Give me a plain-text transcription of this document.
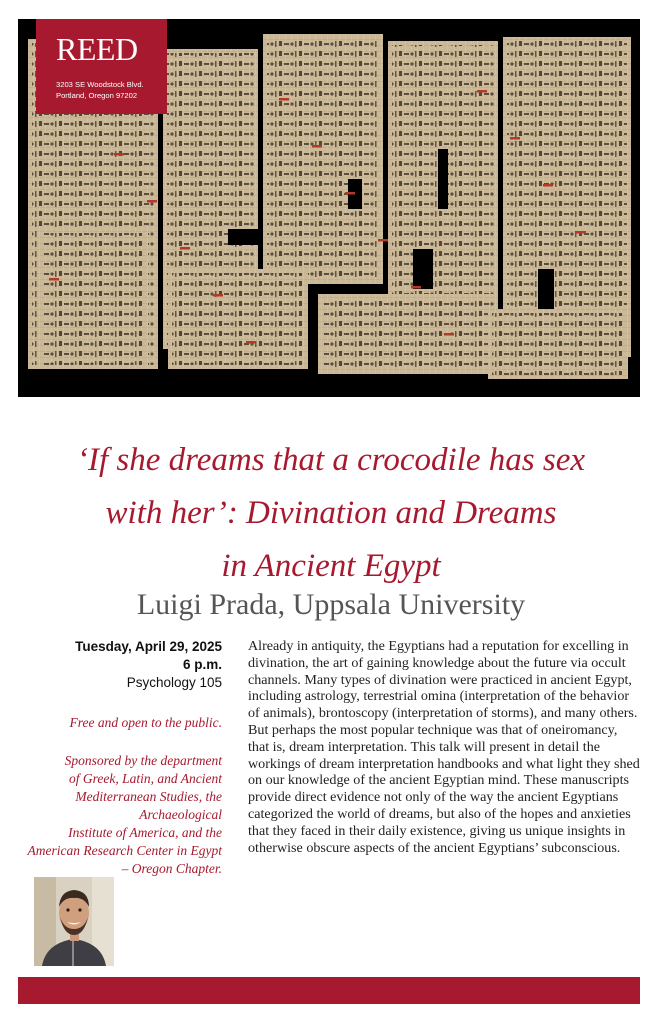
REED
3203 SE Woodstock Blvd.
Portland, Oregon 97202
‘If she dreams that a crocodile has sex
with her’: Divination and Dreams
in Ancient Egypt
Luigi Prada, Uppsala University
Tuesday, April 29, 2025
6 p.m.
Psychology 105
Free and open to the public.
Sponsored by the department
of Greek, Latin, and Ancient
Mediterranean Studies, the
Archaeological
Institute of America, and the
American Research Center in Egypt
– Oregon Chapter.

Already in antiquity, the Egyptians had a reputation for excelling in divination, the art of gaining knowledge about the future via occult channels. Many types of divination were practiced in ancient Egypt, including astrology, terrestrial omina (interpretation of the behavior of animals), brontoscopy (interpretation of storms), and many others. But perhaps the most popular technique was that of oneiromancy, that is, dream interpretation. This talk will present in detail the workings of dream interpretation handbooks and what light they shed on our knowledge of the ancient Egyptian mind. These manuscripts provide direct evidence not only of the way the ancient Egyptians categorized the world of dreams, but also of the hopes and anxieties that they faced in their daily existence, giving us unique insights in otherwise obscure aspects of the ancient Egyptians’ subconscious.
